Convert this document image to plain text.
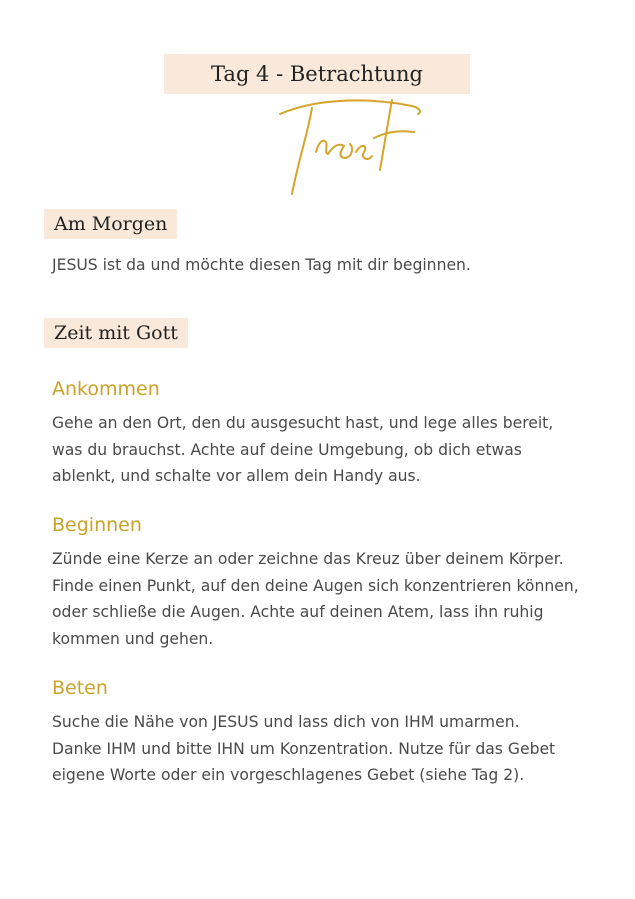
Tag 4 - Betrachtung
Am Morgen
JESUS ist da und möchte diesen Tag mit dir beginnen.
Zeit mit Gott
Ankommen
Gehe an den Ort, den du ausgesucht hast, und lege alles bereit,
was du brauchst. Achte auf deine Umgebung, ob dich etwas
ablenkt, und schalte vor allem dein Handy aus.
Beginnen
Zünde eine Kerze an oder zeichne das Kreuz über deinem Körper.
Finde einen Punkt, auf den deine Augen sich konzentrieren können,
oder schließe die Augen. Achte auf deinen Atem, lass ihn ruhig
kommen und gehen.
Beten
Suche die Nähe von JESUS und lass dich von IHM umarmen.
Danke IHM und bitte IHN um Konzentration. Nutze für das Gebet
eigene Worte oder ein vorgeschlagenes Gebet (siehe Tag 2).
